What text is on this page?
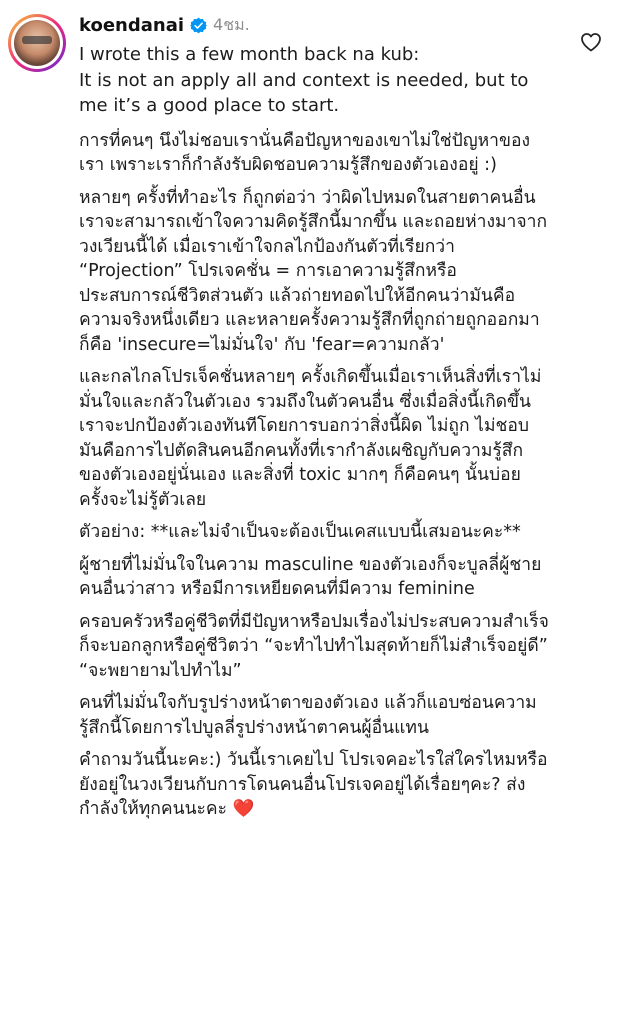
koendanai 4ชม.

I wrote this a few month back na kub:
It is not an apply all and context is needed, but to me it’s a good place to start.

การที่คนๆ นึงไม่ชอบเรานั่นคือปัญหาของเขาไม่ใช่ปัญหาของเรา เพราะเราก็กำลังรับผิดชอบความรู้สึกของตัวเองอยู่ :)

หลายๆ ครั้งที่ทำอะไร ก็ถูกต่อว่า ว่าผิดไปหมดในสายตาคนอื่น เราจะสามารถเข้าใจความคิดรู้สึกนี้มากขึ้น และถอยห่างมาจากวงเวียนนี้ได้ เมื่อเราเข้าใจกลไกป้องกันตัวที่เรียกว่า “Projection” โปรเจคชั่น = การเอาความรู้สึกหรือ ประสบการณ์ชีวิตส่วนตัว แล้วถ่ายทอดไปให้อีกคนว่ามันคือความจริงหนึ่งเดียว และหลายครั้งความรู้สึกที่ถูกถ่ายถูกออกมาก็คือ 'insecure=ไม่มั่นใจ' กับ 'fear=ความกลัว'

และกลไกลโปรเจ็คชั่นหลายๆ ครั้งเกิดขึ้นเมื่อเราเห็นสิ่งที่เราไม่มั่นใจและกลัวในตัวเอง รวมถึงในตัวคนอื่น ซึ่งเมื่อสิ่งนี้เกิดขึ้นเราจะปกป้องตัวเองทันทีโดยการบอกว่าสิ่งนี้ผิด ไม่ถูก ไม่ชอบ มันคือการไปตัดสินคนอีกคนทั้งที่เรากำลังเผชิญกับความรู้สึกของตัวเองอยู่นั่นเอง และสิ่งที่ toxic มากๆ ก็คือคนๆ นั้นบ่อยครั้งจะไม่รู้ตัวเลย

ตัวอย่าง: **และไม่จำเป็นจะต้องเป็นเคสแบบนี้เสมอนะคะ**

ผู้ชายที่ไม่มั่นใจในความ masculine ของตัวเองก็จะบูลลี่ผู้ชายคนอื่นว่าสาว หรือมีการเหยียดคนที่มีความ feminine

ครอบครัวหรือคู่ชีวิตที่มีปัญหาหรือปมเรื่องไม่ประสบความสำเร็จ ก็จะบอกลูกหรือคู่ชีวิตว่า “จะทำไปทำไมสุดท้ายก็ไม่สำเร็จอยู่ดี” “จะพยายามไปทำไม”

คนที่ไม่มั่นใจกับรูปร่างหน้าตาของตัวเอง แล้วก็แอบซ่อนความรู้สึกนี้โดยการไปบูลลี่รูปร่างหน้าตาคนผู้อื่นแทน

คำถามวันนี้นะคะ:) วันนี้เราเคยไป โปรเจคอะไรใส่ใครไหมหรือยังอยู่ในวงเวียนกับการโดนคนอื่นโปรเจคอยู่ได้เรื่อยๆคะ? ส่งกำลังให้ทุกคนนะคะ ❤️
